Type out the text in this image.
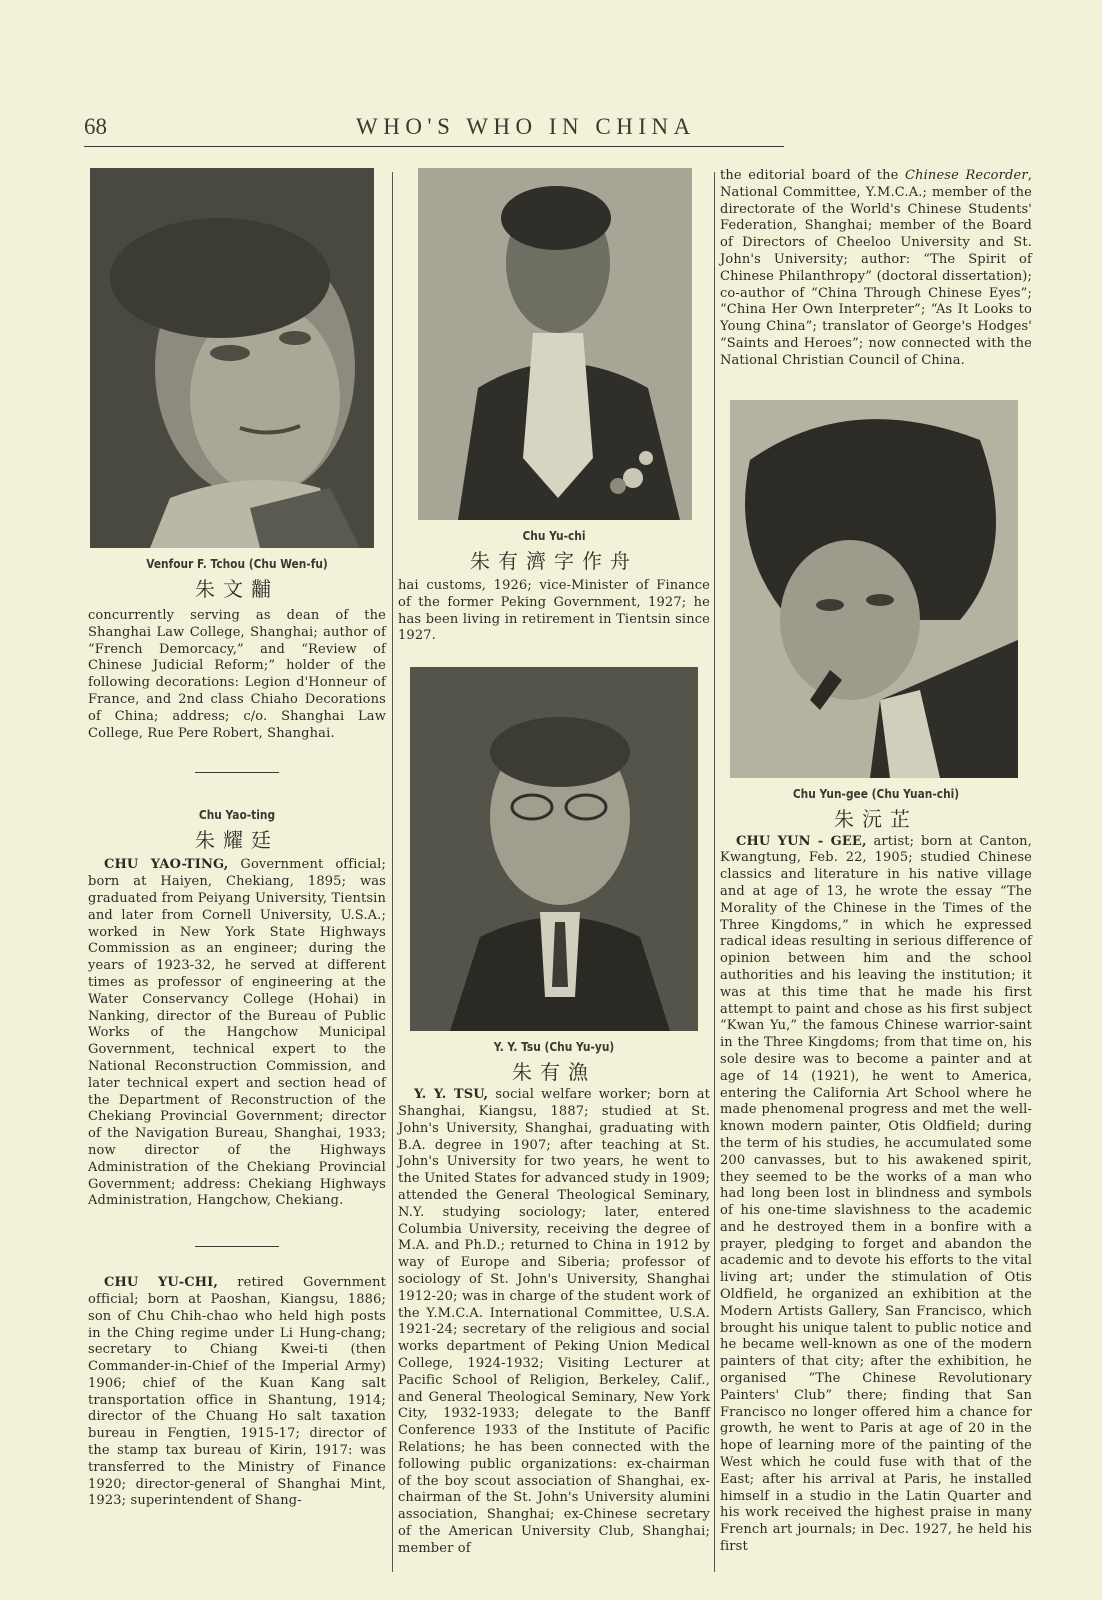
68	WHO'S WHO IN CHINA
Venfour F. Tchou (Chu Wen-fu)
朱文黼
concurrently serving as dean of the Shanghai Law College, Shanghai; author of “French Demorcacy,” and “Review of Chinese Judicial Reform;” holder of the following decorations: Legion d'Honneur of France, and 2nd class Chiaho Decorations of China; address; c/o. Shanghai Law College, Rue Pere Robert, Shanghai.
Chu Yao-ting
朱耀廷
CHU YAO-TING, Government official; born at Haiyen, Chekiang, 1895; was graduated from Peiyang University, Tientsin and later from Cornell University, U.S.A.; worked in New York State Highways Commission as an engineer; during the years of 1923-32, he served at different times as professor of engineering at the Water Conservancy College (Hohai) in Nanking, director of the Bureau of Public Works of the Hangchow Municipal Government, technical expert to the National Reconstruction Commission, and later technical expert and section head of the Department of Reconstruction of the Chekiang Provincial Government; director of the Navigation Bureau, Shanghai, 1933; now director of the Highways Administration of the Chekiang Provincial Government; address: Chekiang Highways Administration, Hangchow, Chekiang.
CHU YU-CHI, retired Government official; born at Paoshan, Kiangsu, 1886; son of Chu Chih-chao who held high posts in the Ching regime under Li Hung-chang; secretary to Chiang Kwei-ti (then Commander-in-Chief of the Imperial Army) 1906; chief of the Kuan Kang salt transportation office in Shantung, 1914; director of the Chuang Ho salt taxation bureau in Fengtien, 1915-17; director of the stamp tax bureau of Kirin, 1917: was transferred to the Ministry of Finance 1920; director-general of Shanghai Mint, 1923; superintendent of Shang-
Chu Yu-chi
朱有濟字作舟
hai customs, 1926; vice-Minister of Finance of the former Peking Government, 1927; he has been living in retirement in Tientsin since 1927.
Y. Y. Tsu (Chu Yu-yu)
朱有漁
Y. Y. TSU, social welfare worker; born at Shanghai, Kiangsu, 1887; studied at St. John's University, Shanghai, graduating with B.A. degree in 1907; after teaching at St. John's University for two years, he went to the United States for advanced study in 1909; attended the General Theological Seminary, N.Y. studying sociology; later, entered Columbia University, receiving the degree of M.A. and Ph.D.; returned to China in 1912 by way of Europe and Siberia; professor of sociology of St. John's University, Shanghai 1912-20; was in charge of the student work of the Y.M.C.A. International Committee, U.S.A. 1921-24; secretary of the religious and social works department of Peking Union Medical College, 1924-1932; Visiting Lecturer at Pacific School of Religion, Berkeley, Calif., and General Theological Seminary, New York City, 1932-1933; delegate to the Banff Conference 1933 of the Institute of Pacific Relations; he has been connected with the following public organizations: ex-chairman of the boy scout association of Shanghai, ex-chairman of the St. John's University alumini association, Shanghai; ex-Chinese secretary of the American University Club, Shanghai; member of
the editorial board of the Chinese Recorder, National Committee, Y.M.C.A.; member of the directorate of the World's Chinese Students' Federation, Shanghai; member of the Board of Directors of Cheeloo University and St. John's University; author: “The Spirit of Chinese Philanthropy” (doctoral dissertation); co-author of “China Through Chinese Eyes”; “China Her Own Interpreter”; “As It Looks to Young China”; translator of George's Hodges' “Saints and Heroes”; now connected with the National Christian Council of China.
Chu Yun-gee (Chu Yuan-chi)
朱沅芷
CHU YUN - GEE, artist; born at Canton, Kwangtung, Feb. 22, 1905; studied Chinese classics and literature in his native village and at age of 13, he wrote the essay “The Morality of the Chinese in the Times of the Three Kingdoms,” in which he expressed radical ideas resulting in serious difference of opinion between him and the school authorities and his leaving the institution; it was at this time that he made his first attempt to paint and chose as his first subject “Kwan Yu,” the famous Chinese warrior-saint in the Three Kingdoms; from that time on, his sole desire was to become a painter and at age of 14 (1921), he went to America, entering the California Art School where he made phenomenal progress and met the well-known modern painter, Otis Oldfield; during the term of his studies, he accumulated some 200 canvasses, but to his awakened spirit, they seemed to be the works of a man who had long been lost in blindness and symbols of his one-time slavishness to the academic and he destroyed them in a bonfire with a prayer, pledging to forget and abandon the academic and to devote his efforts to the vital living art; under the stimulation of Otis Oldfield, he organized an exhibition at the Modern Artists Gallery, San Francisco, which brought his unique talent to public notice and he became well-known as one of the modern painters of that city; after the exhibition, he organised “The Chinese Revolutionary Painters' Club” there; finding that San Francisco no longer offered him a chance for growth, he went to Paris at age of 20 in the hope of learning more of the painting of the West which he could fuse with that of the East; after his arrival at Paris, he installed himself in a studio in the Latin Quarter and his work received the highest praise in many French art journals; in Dec. 1927, he held his first
